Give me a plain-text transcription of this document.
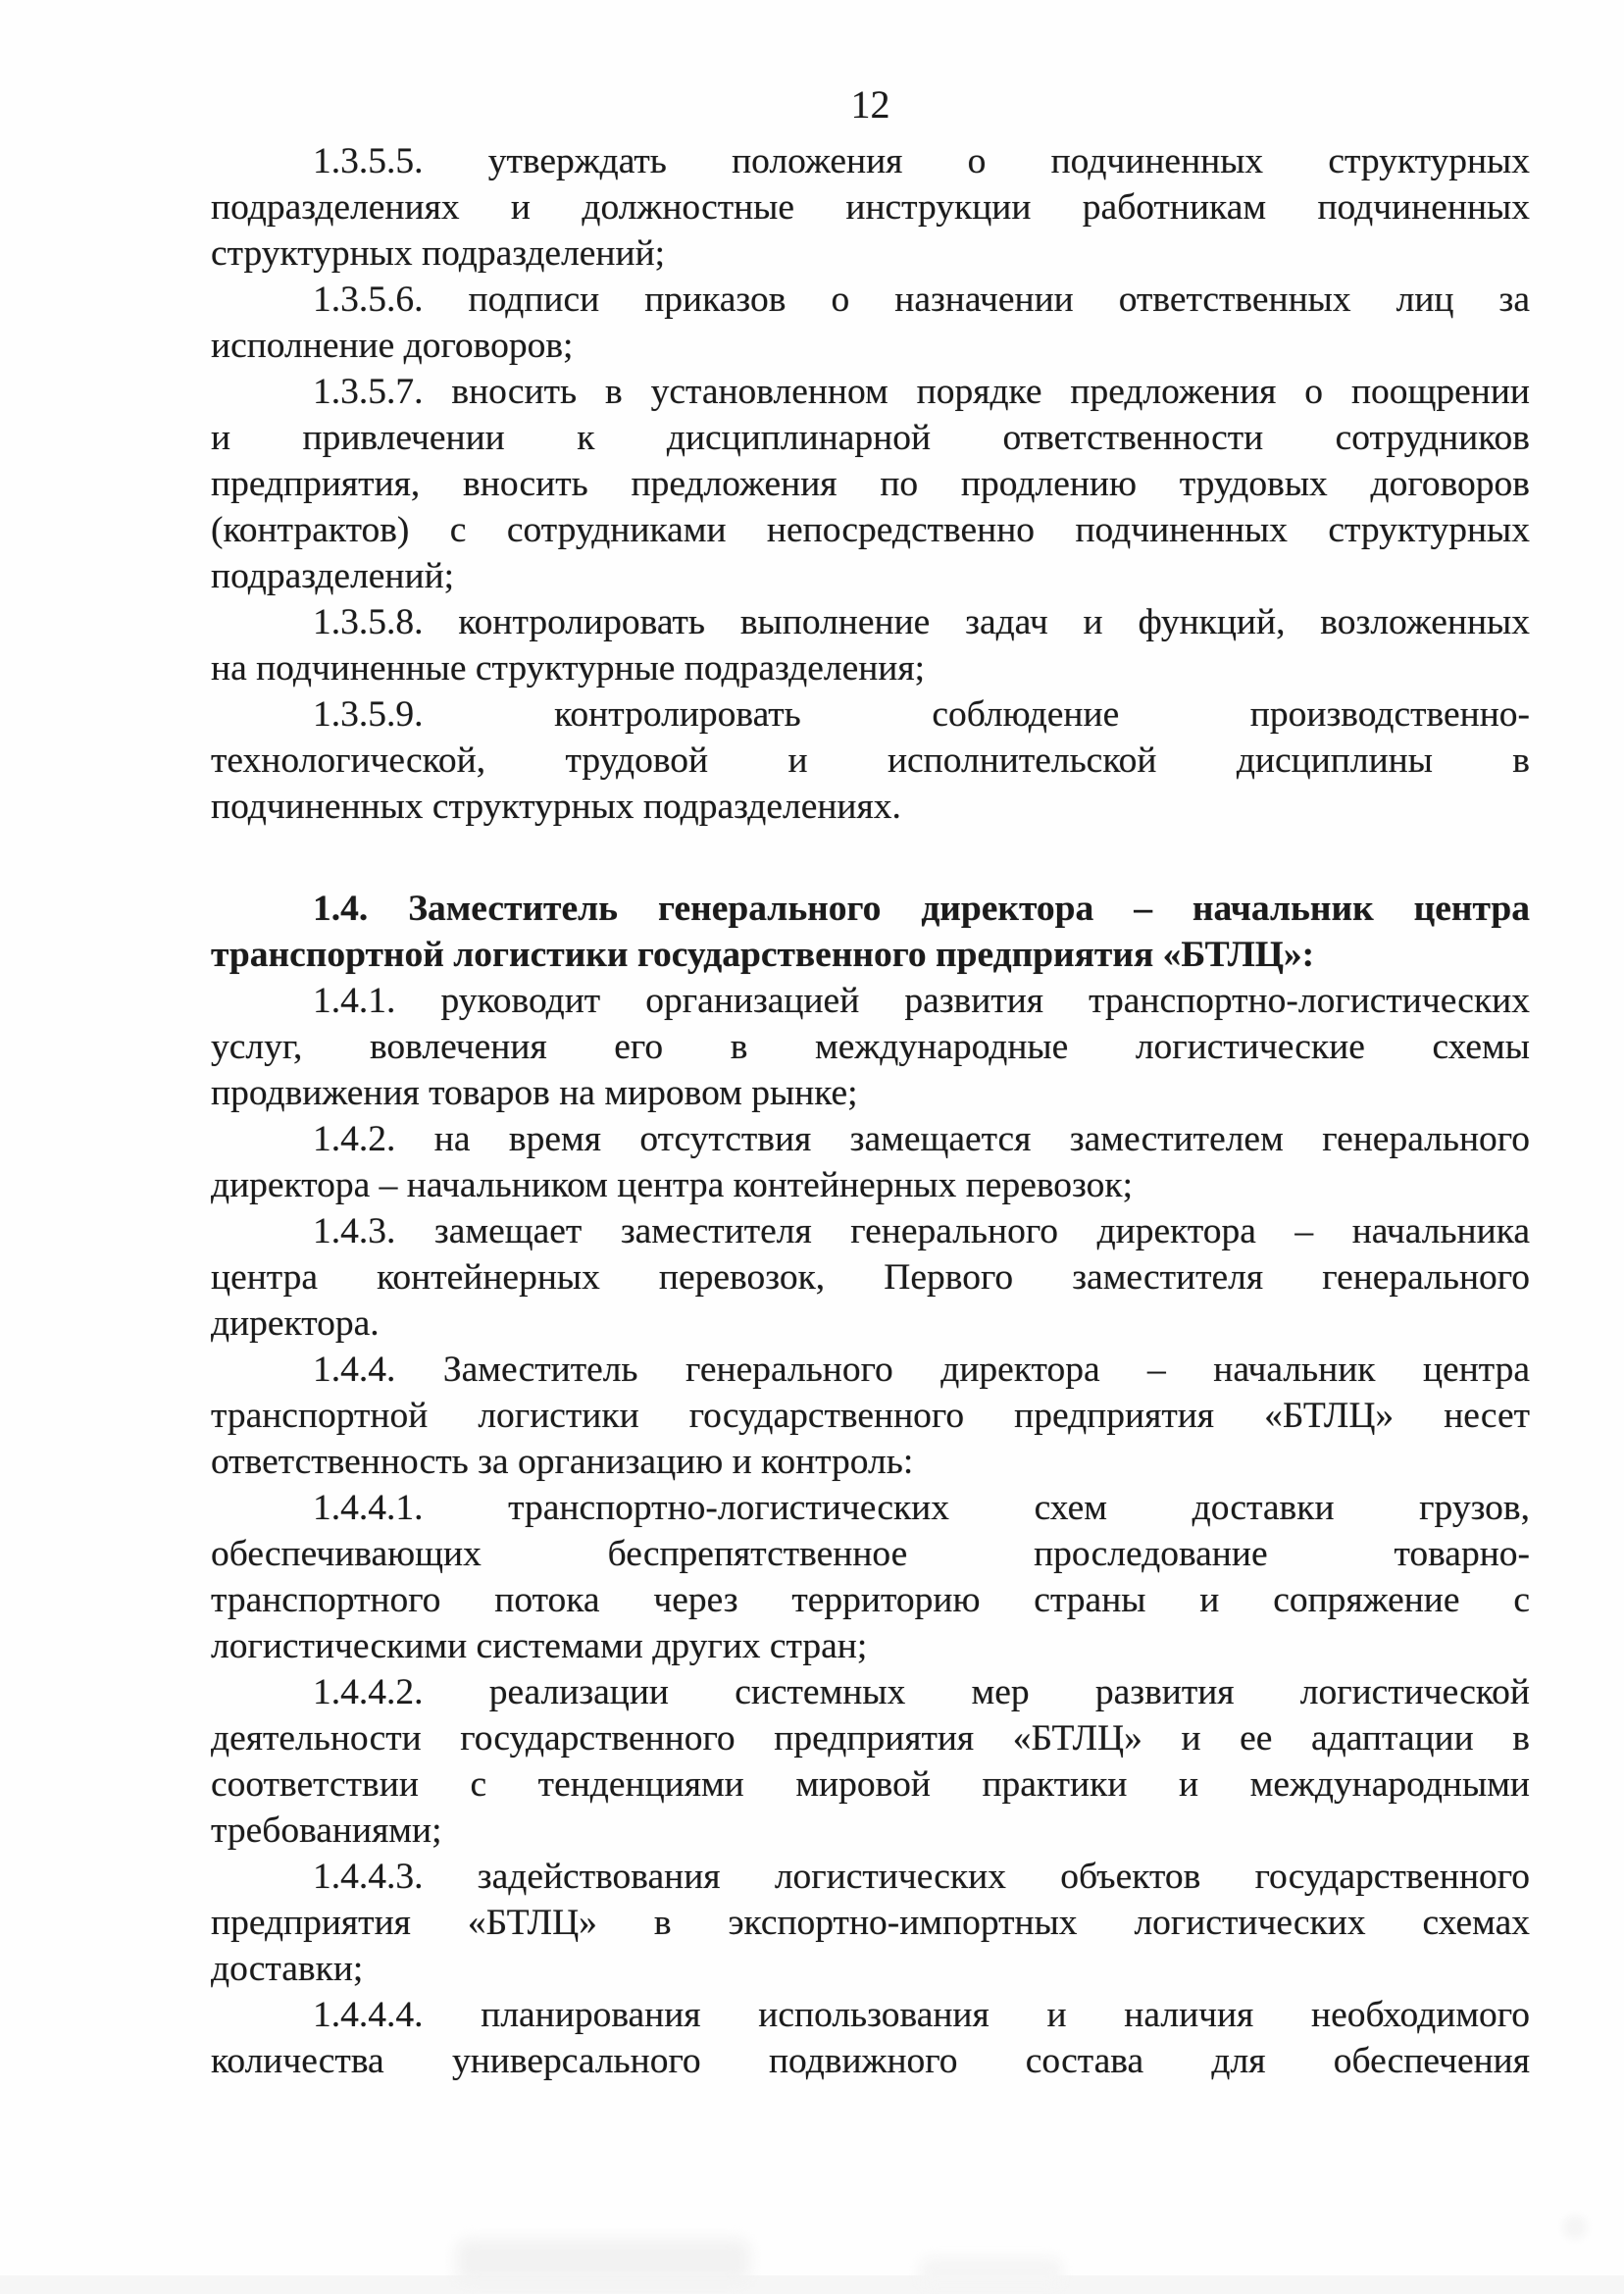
12
1.3.5.5. утверждать положения о подчиненных структурных
подразделениях и должностные инструкции работникам подчиненных
структурных подразделений;
1.3.5.6. подписи приказов о назначении ответственных лиц за
исполнение договоров;
1.3.5.7. вносить в установленном порядке предложения о поощрении
и привлечении к дисциплинарной ответственности сотрудников
предприятия, вносить предложения по продлению трудовых договоров
(контрактов) с сотрудниками непосредственно подчиненных структурных
подразделений;
1.3.5.8. контролировать выполнение задач и функций, возложенных
на подчиненные структурные подразделения;
1.3.5.9. контролировать соблюдение производственно-
технологической, трудовой и исполнительской дисциплины в
подчиненных структурных подразделениях.
1.4. Заместитель генерального директора – начальник центра
транспортной логистики государственного предприятия «БТЛЦ»:
1.4.1. руководит организацией развития транспортно-логистических
услуг, вовлечения его в международные логистические схемы
продвижения товаров на мировом рынке;
1.4.2. на время отсутствия замещается заместителем генерального
директора – начальником центра контейнерных перевозок;
1.4.3. замещает заместителя генерального директора – начальника
центра контейнерных перевозок, Первого заместителя генерального
директора.
1.4.4. Заместитель генерального директора – начальник центра
транспортной логистики государственного предприятия «БТЛЦ» несет
ответственность за организацию и контроль:
1.4.4.1. транспортно-логистических схем доставки грузов,
обеспечивающих беспрепятственное проследование товарно-
транспортного потока через территорию страны и сопряжение с
логистическими системами других стран;
1.4.4.2. реализации системных мер развития логистической
деятельности государственного предприятия «БТЛЦ» и ее адаптации в
соответствии с тенденциями мировой практики и международными
требованиями;
1.4.4.3. задействования логистических объектов государственного
предприятия «БТЛЦ» в экспортно-импортных логистических схемах
доставки;
1.4.4.4. планирования использования и наличия необходимого
количества универсального подвижного состава для обеспечения
